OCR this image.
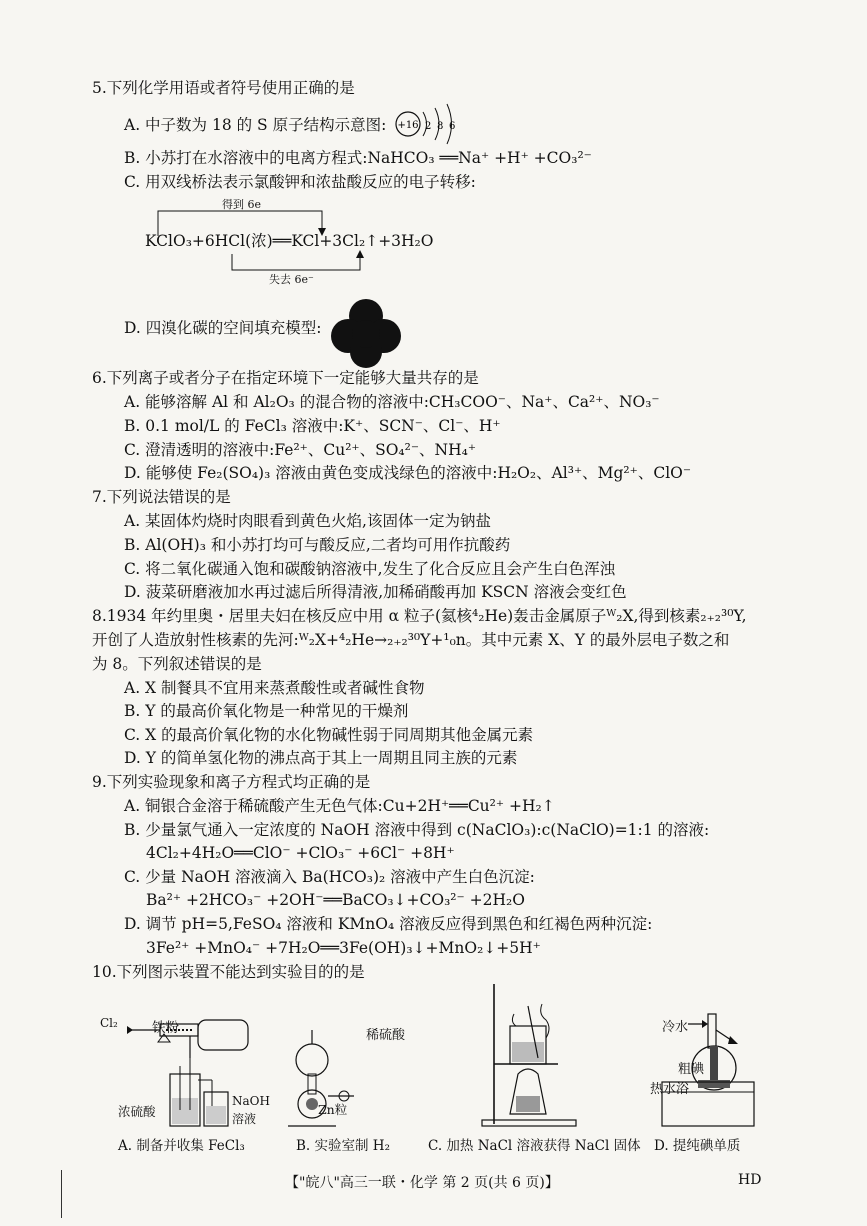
5.下列化学用语或者符号使用正确的是
A. 中子数为 18 的 S 原子结构示意图: +16 2 8 6
B. 小苏打在水溶液中的电离方程式:NaHCO₃ ══Na⁺ +H⁺ +CO₃²⁻
C. 用双线桥法表示氯酸钾和浓盐酸反应的电子转移:
得到 6e
KClO₃+6HCl(浓)══KCl+3Cl₂↑+3H₂O
失去 6e⁻
D. 四溴化碳的空间填充模型:
6.下列离子或者分子在指定环境下一定能够大量共存的是
A. 能够溶解 Al 和 Al₂O₃ 的混合物的溶液中:CH₃COO⁻、Na⁺、Ca²⁺、NO₃⁻
B. 0.1 mol/L 的 FeCl₃ 溶液中:K⁺、SCN⁻、Cl⁻、H⁺
C. 澄清透明的溶液中:Fe²⁺、Cu²⁺、SO₄²⁻、NH₄⁺
D. 能够使 Fe₂(SO₄)₃ 溶液由黄色变成浅绿色的溶液中:H₂O₂、Al³⁺、Mg²⁺、ClO⁻
7.下列说法错误的是
A. 某固体灼烧时肉眼看到黄色火焰,该固体一定为钠盐
B. Al(OH)₃ 和小苏打均可与酸反应,二者均可用作抗酸药
C. 将二氧化碳通入饱和碳酸钠溶液中,发生了化合反应且会产生白色浑浊
D. 菠菜研磨液加水再过滤后所得清液,加稀硝酸再加 KSCN 溶液会变红色
8.1934 年约里奥・居里夫妇在核反应中用 α 粒子(氦核⁴₂He)轰击金属原子ᵂ₂X,得到核素₂₊₂³⁰Y,
开创了人造放射性核素的先河:ᵂ₂X+⁴₂He→₂₊₂³⁰Y+¹₀n。其中元素 X、Y 的最外层电子数之和
为 8。下列叙述错误的是
A. X 制餐具不宜用来蒸煮酸性或者碱性食物
B. Y 的最高价氧化物是一种常见的干燥剂
C. X 的最高价氧化物的水化物碱性弱于同周期其他金属元素
D. Y 的简单氢化物的沸点高于其上一周期且同主族的元素
9.下列实验现象和离子方程式均正确的是
A. 铜银合金溶于稀硫酸产生无色气体:Cu+2H⁺══Cu²⁺ +H₂↑
B. 少量氯气通入一定浓度的 NaOH 溶液中得到 c(NaClO₃):c(NaClO)=1:1 的溶液:
4Cl₂+4H₂O══ClO⁻ +ClO₃⁻ +6Cl⁻ +8H⁺
C. 少量 NaOH 溶液滴入 Ba(HCO₃)₂ 溶液中产生白色沉淀:
Ba²⁺ +2HCO₃⁻ +2OH⁻══BaCO₃↓+CO₃²⁻ +2H₂O
D. 调节 pH=5,FeSO₄ 溶液和 KMnO₄ 溶液反应得到黑色和红褐色两种沉淀:
3Fe²⁺ +MnO₄⁻ +7H₂O══3Fe(OH)₃↓+MnO₂↓+5H⁺
10.下列图示装置不能达到实验目的的是
铁粉
Cl₂
浓硫酸
NaOH
溶液
稀硫酸
Zn粒
冷水
粗碘
热水浴
A. 制备并收集 FeCl₃	B. 实验室制 H₂	C. 加热 NaCl 溶液获得 NaCl 固体 D. 提纯碘单质
【"皖八"高三一联・化学 第 2 页(共 6 页)】	HD
